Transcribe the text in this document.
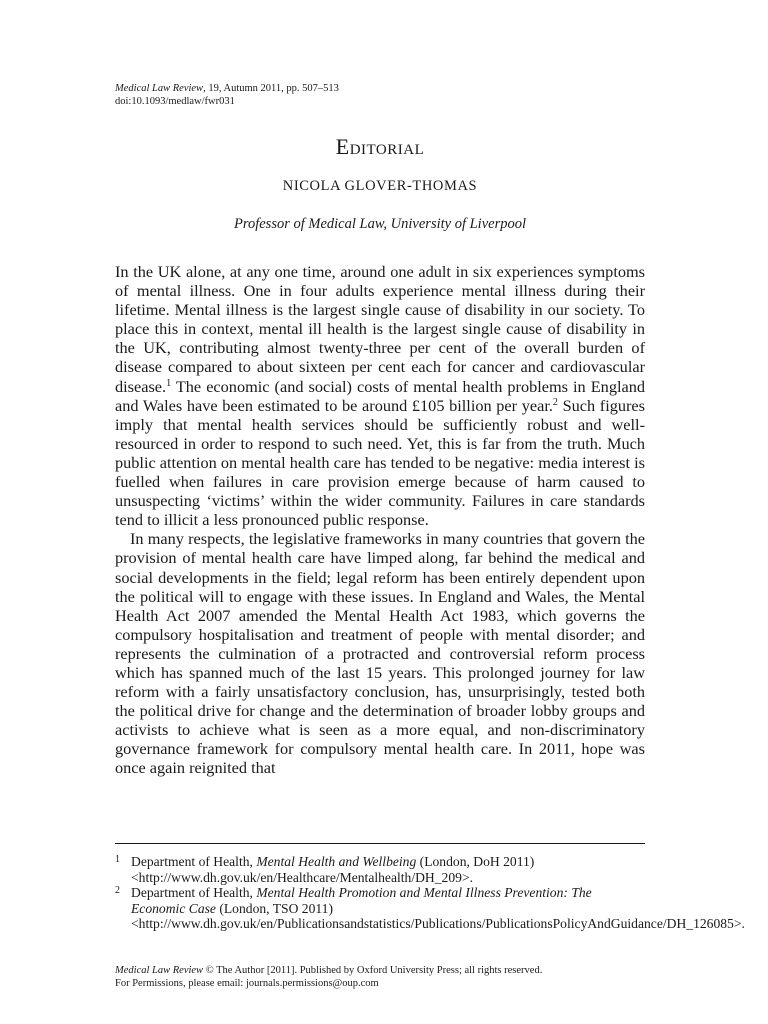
Medical Law Review, 19, Autumn 2011, pp. 507–513
doi:10.1093/medlaw/fwr031
Editorial
NICOLA GLOVER-THOMAS
Professor of Medical Law, University of Liverpool

In the UK alone, at any one time, around one adult in six experiences symptoms of mental illness. One in four adults experience mental illness during their lifetime. Mental illness is the largest single cause of disability in our society. To place this in context, mental ill health is the largest single cause of disability in the UK, contributing almost twenty-three per cent of the overall burden of disease compared to about sixteen per cent each for cancer and cardiovascular disease.$^1$ The economic (and social) costs of mental health problems in England and Wales have been estimated to be around £105 billion per year.$^2$ Such figures imply that mental health services should be sufficiently robust and well-resourced in order to respond to such need. Yet, this is far from the truth. Much public attention on mental health care has tended to be negative: media interest is fuelled when failures in care provision emerge because of harm caused to unsuspecting ‘victims’ within the wider community. Failures in care standards tend to illicit a less pronounced public response.

In many respects, the legislative frameworks in many countries that govern the provision of mental health care have limped along, far behind the medical and social developments in the field; legal reform has been entirely dependent upon the political will to engage with these issues. In England and Wales, the Mental Health Act 2007 amended the Mental Health Act 1983, which governs the compulsory hospitalisation and treatment of people with mental disorder; and represents the culmination of a protracted and controversial reform process which has spanned much of the last 15 years. This prolonged journey for law reform with a fairly unsatisfactory conclusion, has, unsurprisingly, tested both the political drive for change and the determination of broader lobby groups and activists to achieve what is seen as a more equal, and non-discriminatory governance framework for compulsory mental health care. In 2011, hope was once again reignited that

1 Department of Health, Mental Health and Wellbeing (London, DoH 2011) <http://www.dh.gov.uk/en/Healthcare/Mentalhealth/DH_209>.
2 Department of Health, Mental Health Promotion and Mental Illness Prevention: The Economic Case (London, TSO 2011) <http://www.dh.gov.uk/en/Publicationsandstatistics/Publications/PublicationsPolicyAndGuidance/DH_126085>.
Medical Law Review © The Author [2011]. Published by Oxford University Press; all rights reserved.
For Permissions, please email: journals.permissions@oup.com
